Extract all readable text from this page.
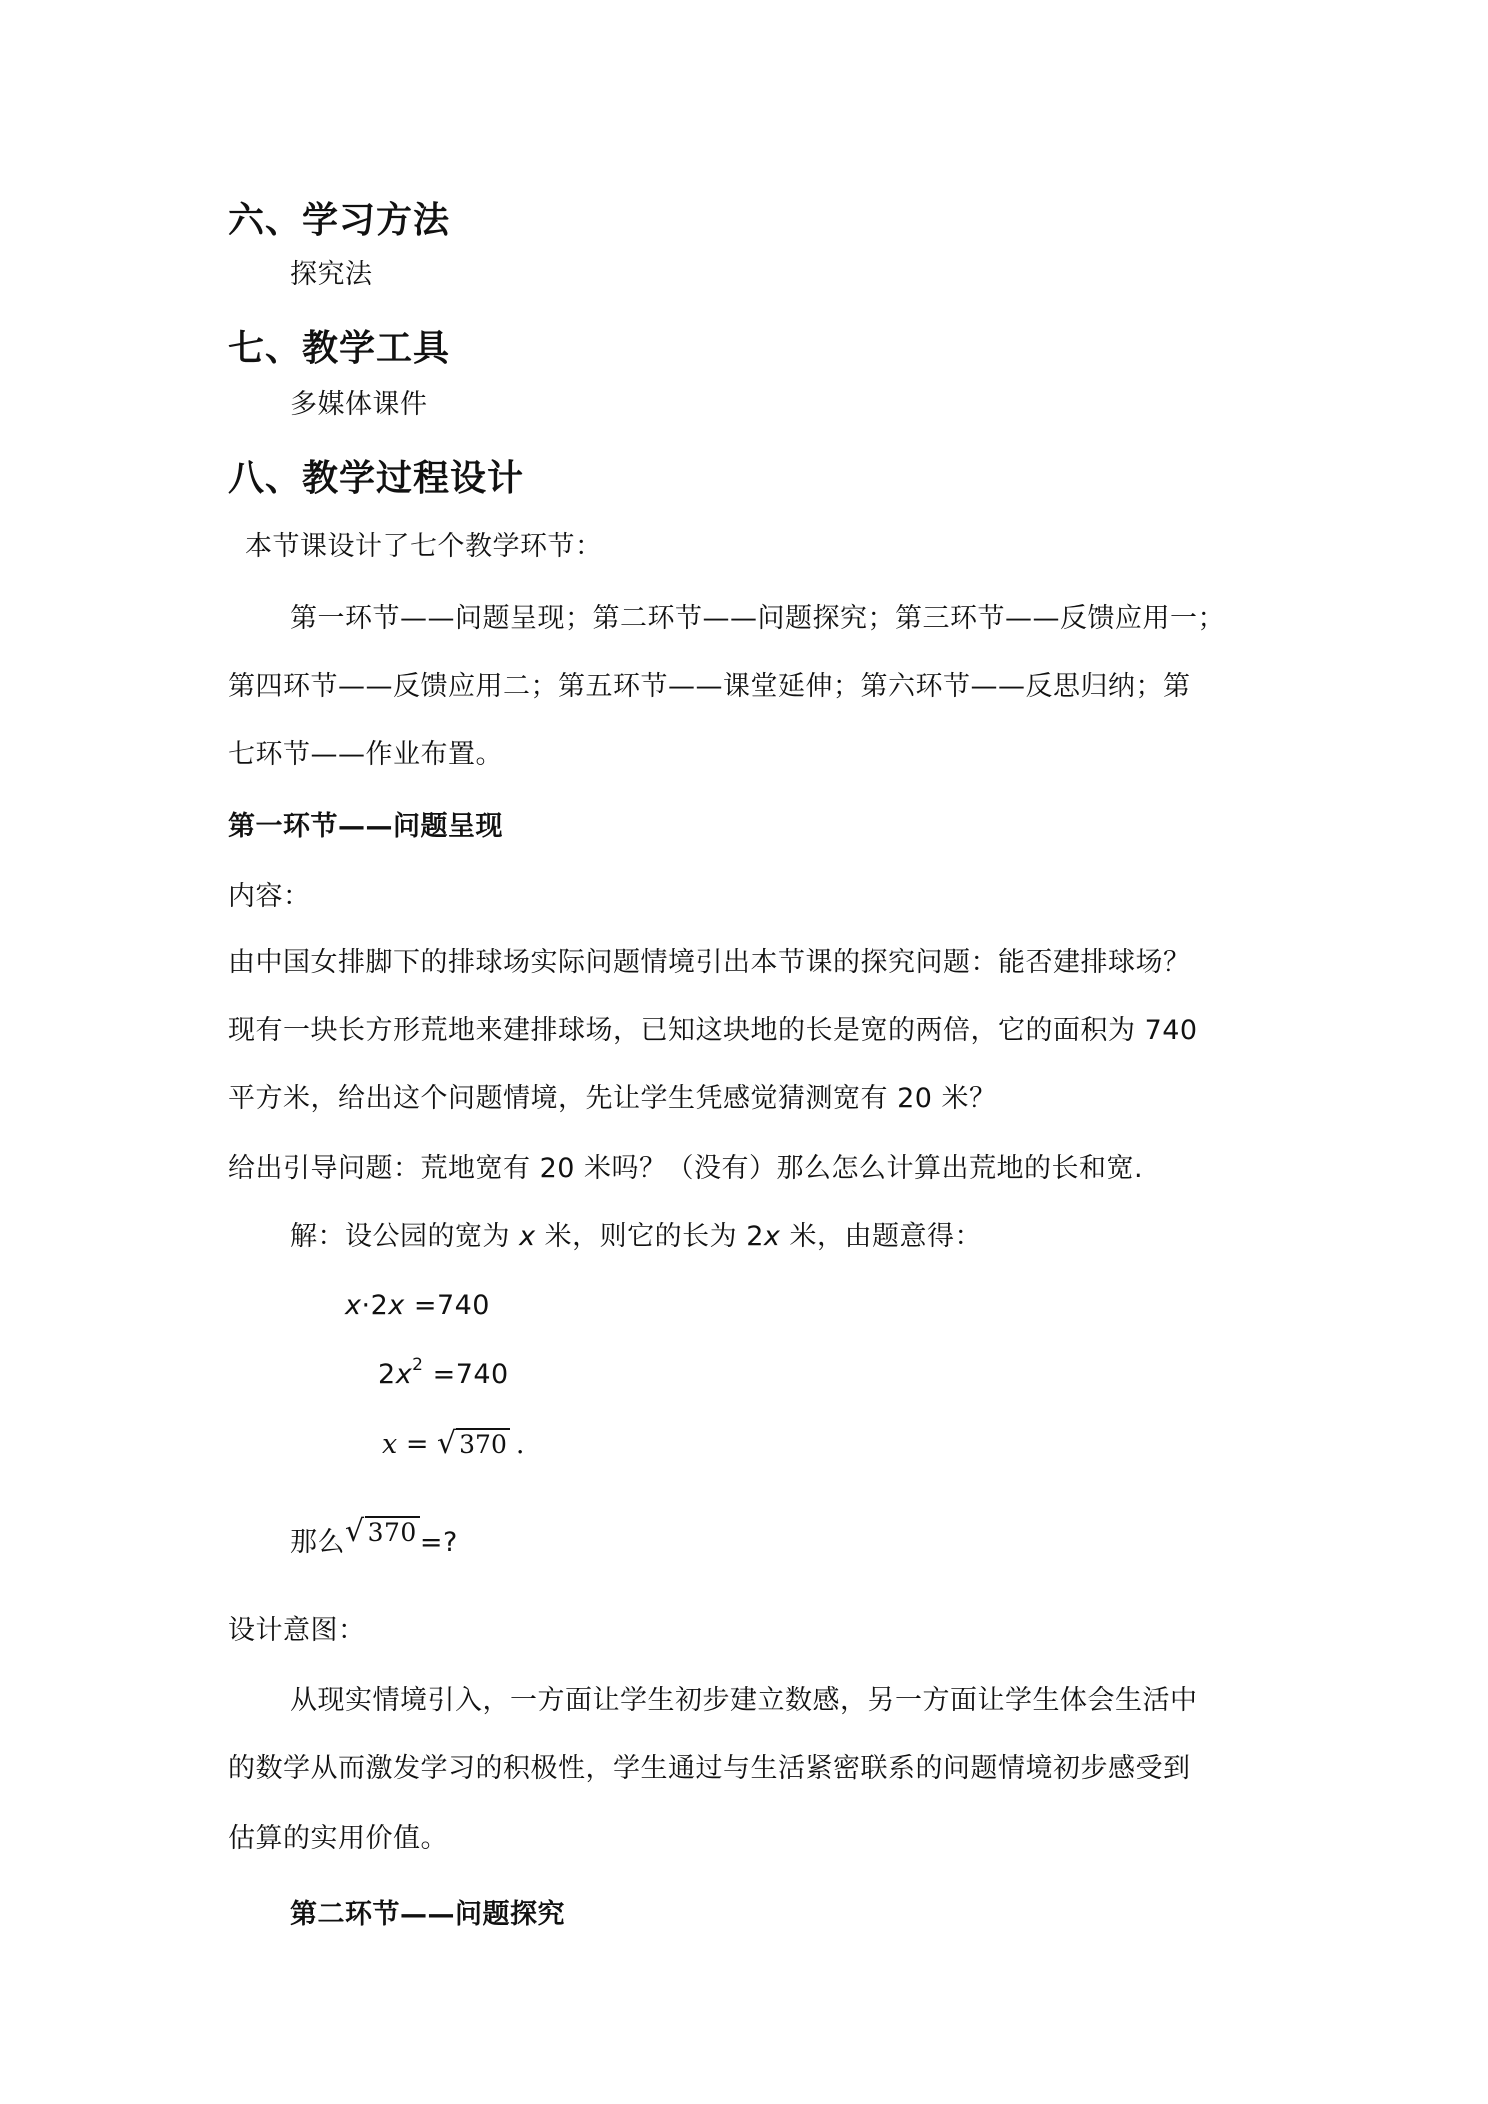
六、学习方法
探究法
七、教学工具
多媒体课件
八、教学过程设计
本节课设计了七个教学环节：
第一环节——问题呈现；第二环节——问题探究；第三环节——反馈应用一；
第四环节——反馈应用二；第五环节——课堂延伸；第六环节——反思归纳；第
七环节——作业布置。
第一环节——问题呈现
内容：
由中国女排脚下的排球场实际问题情境引出本节课的探究问题：能否建排球场？
现有一块长方形荒地来建排球场，已知这块地的长是宽的两倍，它的面积为 740
平方米，给出这个问题情境，先让学生凭感觉猜测宽有 20 米？
给出引导问题：荒地宽有 20 米吗？（没有）那么怎么计算出荒地的长和宽.
解：设公园的宽为 x 米，则它的长为 2x 米，由题意得：
x·2x =740
$2x^2 =740$
x = √ 370 .
那么√ 370 =?
设计意图：
从现实情境引入，一方面让学生初步建立数感，另一方面让学生体会生活中
的数学从而激发学习的积极性，学生通过与生活紧密联系的问题情境初步感受到
估算的实用价值。
第二环节——问题探究
